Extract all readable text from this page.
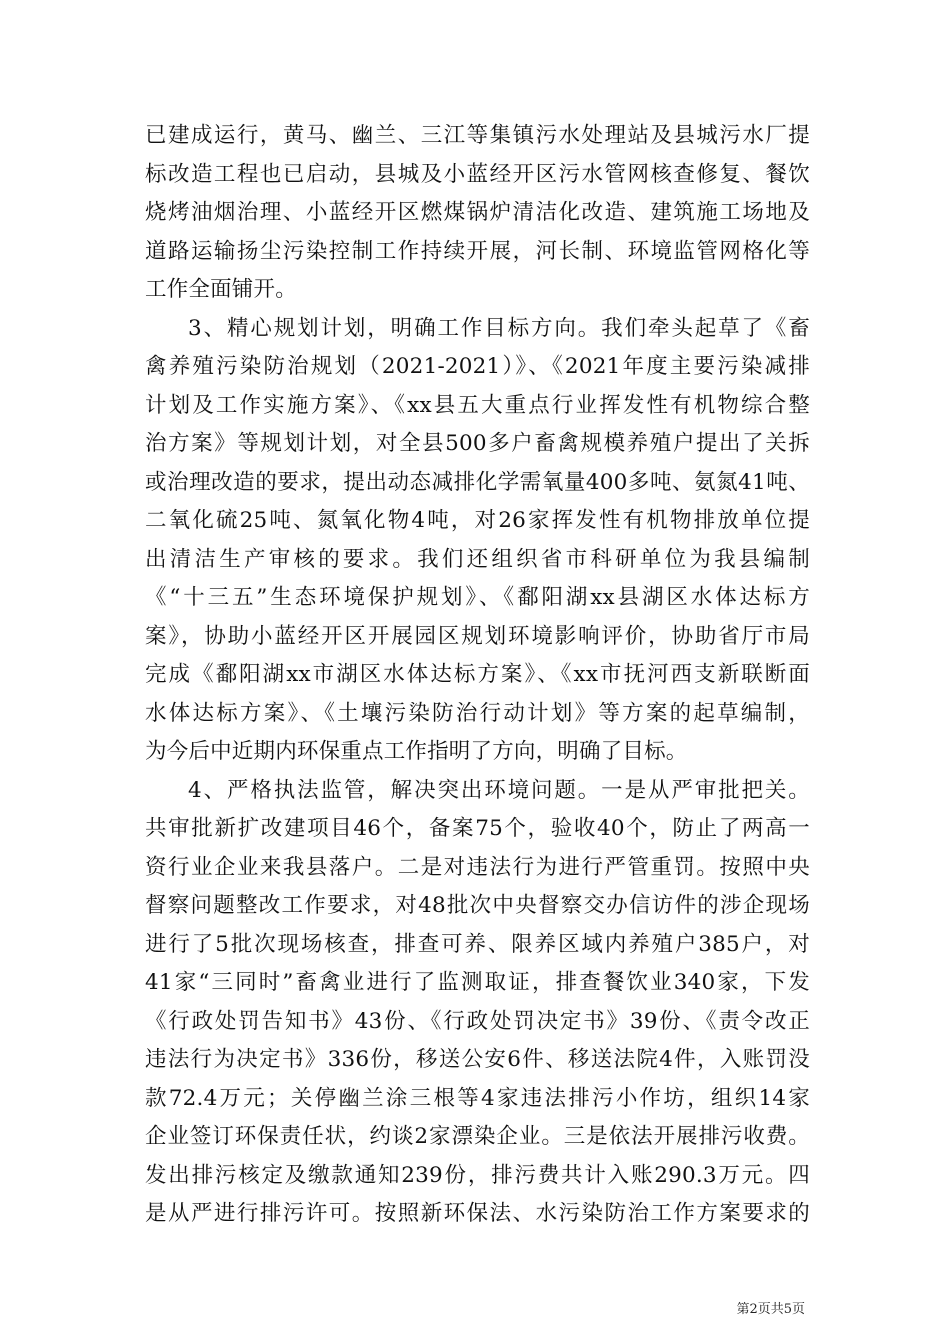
已建成运行，黄马、幽兰、三江等集镇污水处理站及县城污水厂提
标改造工程也已启动，县城及小蓝经开区污水管网核查修复、餐饮
烧烤油烟治理、小蓝经开区燃煤锅炉清洁化改造、建筑施工场地及
道路运输扬尘污染控制工作持续开展，河长制、环境监管网格化等
工作全面铺开。
3、精心规划计划，明确工作目标方向。我们牵头起草了《畜
禽养殖污染防治规划（2021-2021）》、《2021年度主要污染减排
计划及工作实施方案》、《xx县五大重点行业挥发性有机物综合整
治方案》等规划计划，对全县500多户畜禽规模养殖户提出了关拆
或治理改造的要求，提出动态减排化学需氧量400多吨、氨氮41吨、
二氧化硫25吨、氮氧化物4吨，对26家挥发性有机物排放单位提
出清洁生产审核的要求。我们还组织省市科研单位为我县编制
《“十三五”生态环境保护规划》、《鄱阳湖xx县湖区水体达标方
案》，协助小蓝经开区开展园区规划环境影响评价，协助省厅市局
完成《鄱阳湖xx市湖区水体达标方案》、《xx市抚河西支新联断面
水体达标方案》、《土壤污染防治行动计划》等方案的起草编制，
为今后中近期内环保重点工作指明了方向，明确了目标。
4、严格执法监管，解决突出环境问题。一是从严审批把关。
共审批新扩改建项目46个，备案75个，验收40个，防止了两高一
资行业企业来我县落户。二是对违法行为进行严管重罚。按照中央
督察问题整改工作要求，对48批次中央督察交办信访件的涉企现场
进行了5批次现场核查，排查可养、限养区域内养殖户385户，对
41家“三同时”畜禽业进行了监测取证，排查餐饮业340家，下发
《行政处罚告知书》43份、《行政处罚决定书》39份、《责令改正
违法行为决定书》336份，移送公安6件、移送法院4件，入账罚没
款72.4万元；关停幽兰涂三根等4家违法排污小作坊，组织14家
企业签订环保责任状，约谈2家漂染企业。三是依法开展排污收费。
发出排污核定及缴款通知239份，排污费共计入账290.3万元。四
是从严进行排污许可。按照新环保法、水污染防治工作方案要求的
第2页共5页
